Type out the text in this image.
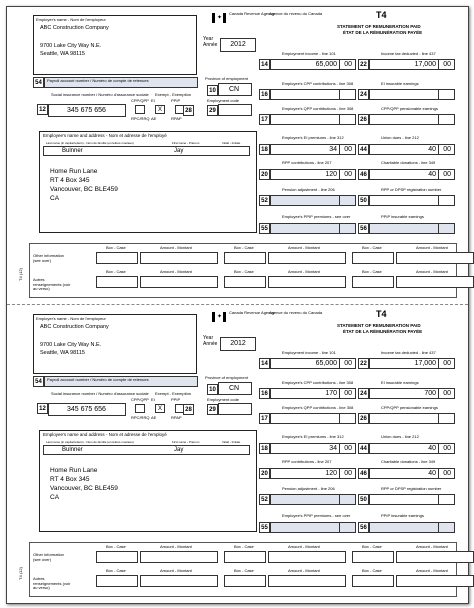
Employer's name - Nom de l'employeur
ABC Construction Company
9700 Lake City Way N.E.
Seattle, WA 98115
✦
Canada Revenue Agency
Agence du revenu du Canada	T4
STATEMENT OF REMUNERATION PAID
ÉTAT DE LA RÉMUNÉRATION PAYÉE
Year Année	2012
54	Payroll account number / Numéro de compte de retenues
Social insurance number / Numéro d'assurance sociale
12	345 675 656
Exempt - Exemption
CPP/QPP
RPC/RRQ
EI
X
AE
PPIP
RPAP
Province of employment
10	CN
28
Employment code
29
Employee's name and address - Nom et adresse de l'employé
Last name (in capital letters) - Nom de famille (en lettres moulées)	First name - Prénom	Initial - Initiale
Bulnner	Jay
Home Run Lane
RT 4 Box 345
Vancouver, BC BLE459
CA
Employment income - line 101
14	65,000 00
Income tax deducted - line 437
22	17,000 00
Employee's CPP contributions - line 308
16
EI insurable earnings
24
Employee's QPP contributions - line 308
17
CPP/QPP pensionable earnings
26
Employee's EI premiums - line 312
18	34 00
Union dues - line 212
44	40 00
RPP contributions - line 207
20	120 00
Charitable donations - line 349
46	40 00
Pension adjustment - line 206
52
RPP or DPSP registration number
50
Employee's PPIP premiums - see over
55
PPIP insurable earnings
56
Other information (see over)
Autres renseignements (voir au verso)
Box - Case	Amount - Montant	Box - Case	Amount - Montant	Box - Case	Amount - Montant
Box - Case	Amount - Montant	Box - Case	Amount - Montant	Box - Case	Amount - Montant
T4 (12)
Employer's name - Nom de l'employeur
ABC Construction Company
9700 Lake City Way N.E.
Seattle, WA 98115
✦
Canada Revenue Agency
Agence du revenu du Canada	T4
STATEMENT OF REMUNERATION PAID
ÉTAT DE LA RÉMUNÉRATION PAYÉE
Year Année	2012
54	Payroll account number / Numéro de compte de retenues
Social insurance number / Numéro d'assurance sociale
12	345 675 656
Exempt - Exemption
CPP/QPP
RPC/RRQ
EI
X
AE
PPIP
RPAP
Province of employment
10	CN
28
Employment code
29
Employee's name and address - Nom et adresse de l'employé
Last name (in capital letters) - Nom de famille (en lettres moulées)	First name - Prénom	Initial - Initiale
Bulnner	Jay
Home Run Lane
RT 4 Box 345
Vancouver, BC BLE459
CA
Employment income - line 101
14	65,000 00
Income tax deducted - line 437
22	17,000 00
Employee's CPP contributions - line 308
16	170 00
EI insurable earnings
24	700 00
Employee's QPP contributions - line 308
17
CPP/QPP pensionable earnings
26
Employee's EI premiums - line 312
18	34 00
Union dues - line 212
44	40 00
RPP contributions - line 207
20	120 00
Charitable donations - line 349
46	40 00
Pension adjustment - line 206
52
RPP or DPSP registration number
50
Employee's PPIP premiums - see over
55
PPIP insurable earnings
56
Other information (see over)
Autres renseignements (voir au verso)
Box - Case	Amount - Montant	Box - Case	Amount - Montant	Box - Case	Amount - Montant
Box - Case	Amount - Montant	Box - Case	Amount - Montant	Box - Case	Amount - Montant
T4 (12)
